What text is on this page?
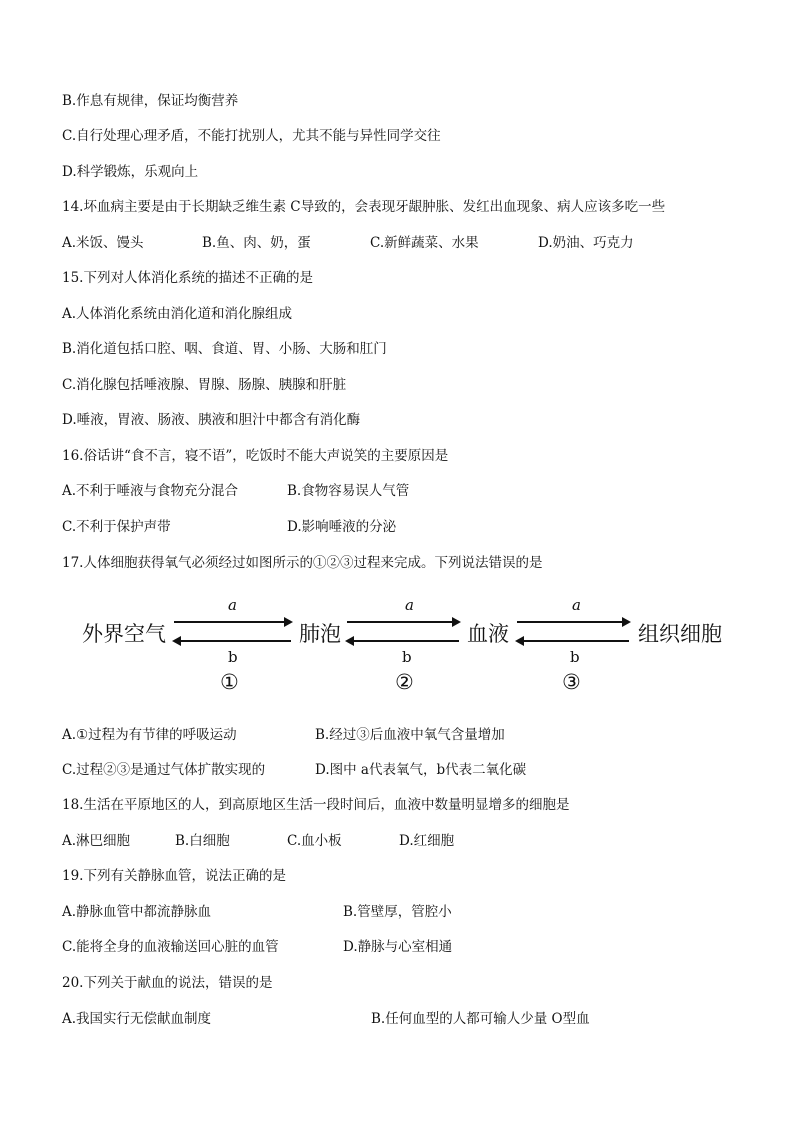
B.作息有规律，保证均衡营养
C.自行处理心理矛盾，不能打扰别人，尤其不能与异性同学交往
D.科学锻炼，乐观向上
14.坏血病主要是由于长期缺乏维生素 C导致的，会表现牙龈肿胀、发红出血现象、病人应该多吃一些
A.米饭、馒头	B.鱼、肉、奶，蛋	C.新鲜蔬菜、水果	D.奶油、巧克力
15.下列对人体消化系统的描述不正确的是
A.人体消化系统由消化道和消化腺组成
B.消化道包括口腔、咽、食道、胃、小肠、大肠和肛门
C.消化腺包括唾液腺、胃腺、肠腺、胰腺和肝脏
D.唾液，胃液、肠液、胰液和胆汁中都含有消化酶
16.俗话讲“食不言，寝不语”，吃饭时不能大声说笑的主要原因是
A.不利于唾液与食物充分混合	B.食物容易误人气管
C.不利于保护声带	D.影响唾液的分泌
17.人体细胞获得氧气必须经过如图所示的①②③过程来完成。下列说法错误的是
外界空气	肺泡	血液	组织细胞
a	a	a
b	b	b
①	②	③
A.①过程为有节律的呼吸运动	B.经过③后血液中氧气含量增加
C.过程②③是通过气体扩散实现的	D.图中 a代表氧气，b代表二氧化碳
18.生活在平原地区的人，到高原地区生活一段时间后，血液中数量明显增多的细胞是
A.淋巴细胞	B.白细胞	C.血小板	D.红细胞
19.下列有关静脉血管，说法正确的是
A.静脉血管中都流静脉血	B.管壁厚，管腔小
C.能将全身的血液输送回心脏的血管	D.静脉与心室相通
20.下列关于献血的说法，错误的是
A.我国实行无偿献血制度	B.任何血型的人都可输人少量 O型血
